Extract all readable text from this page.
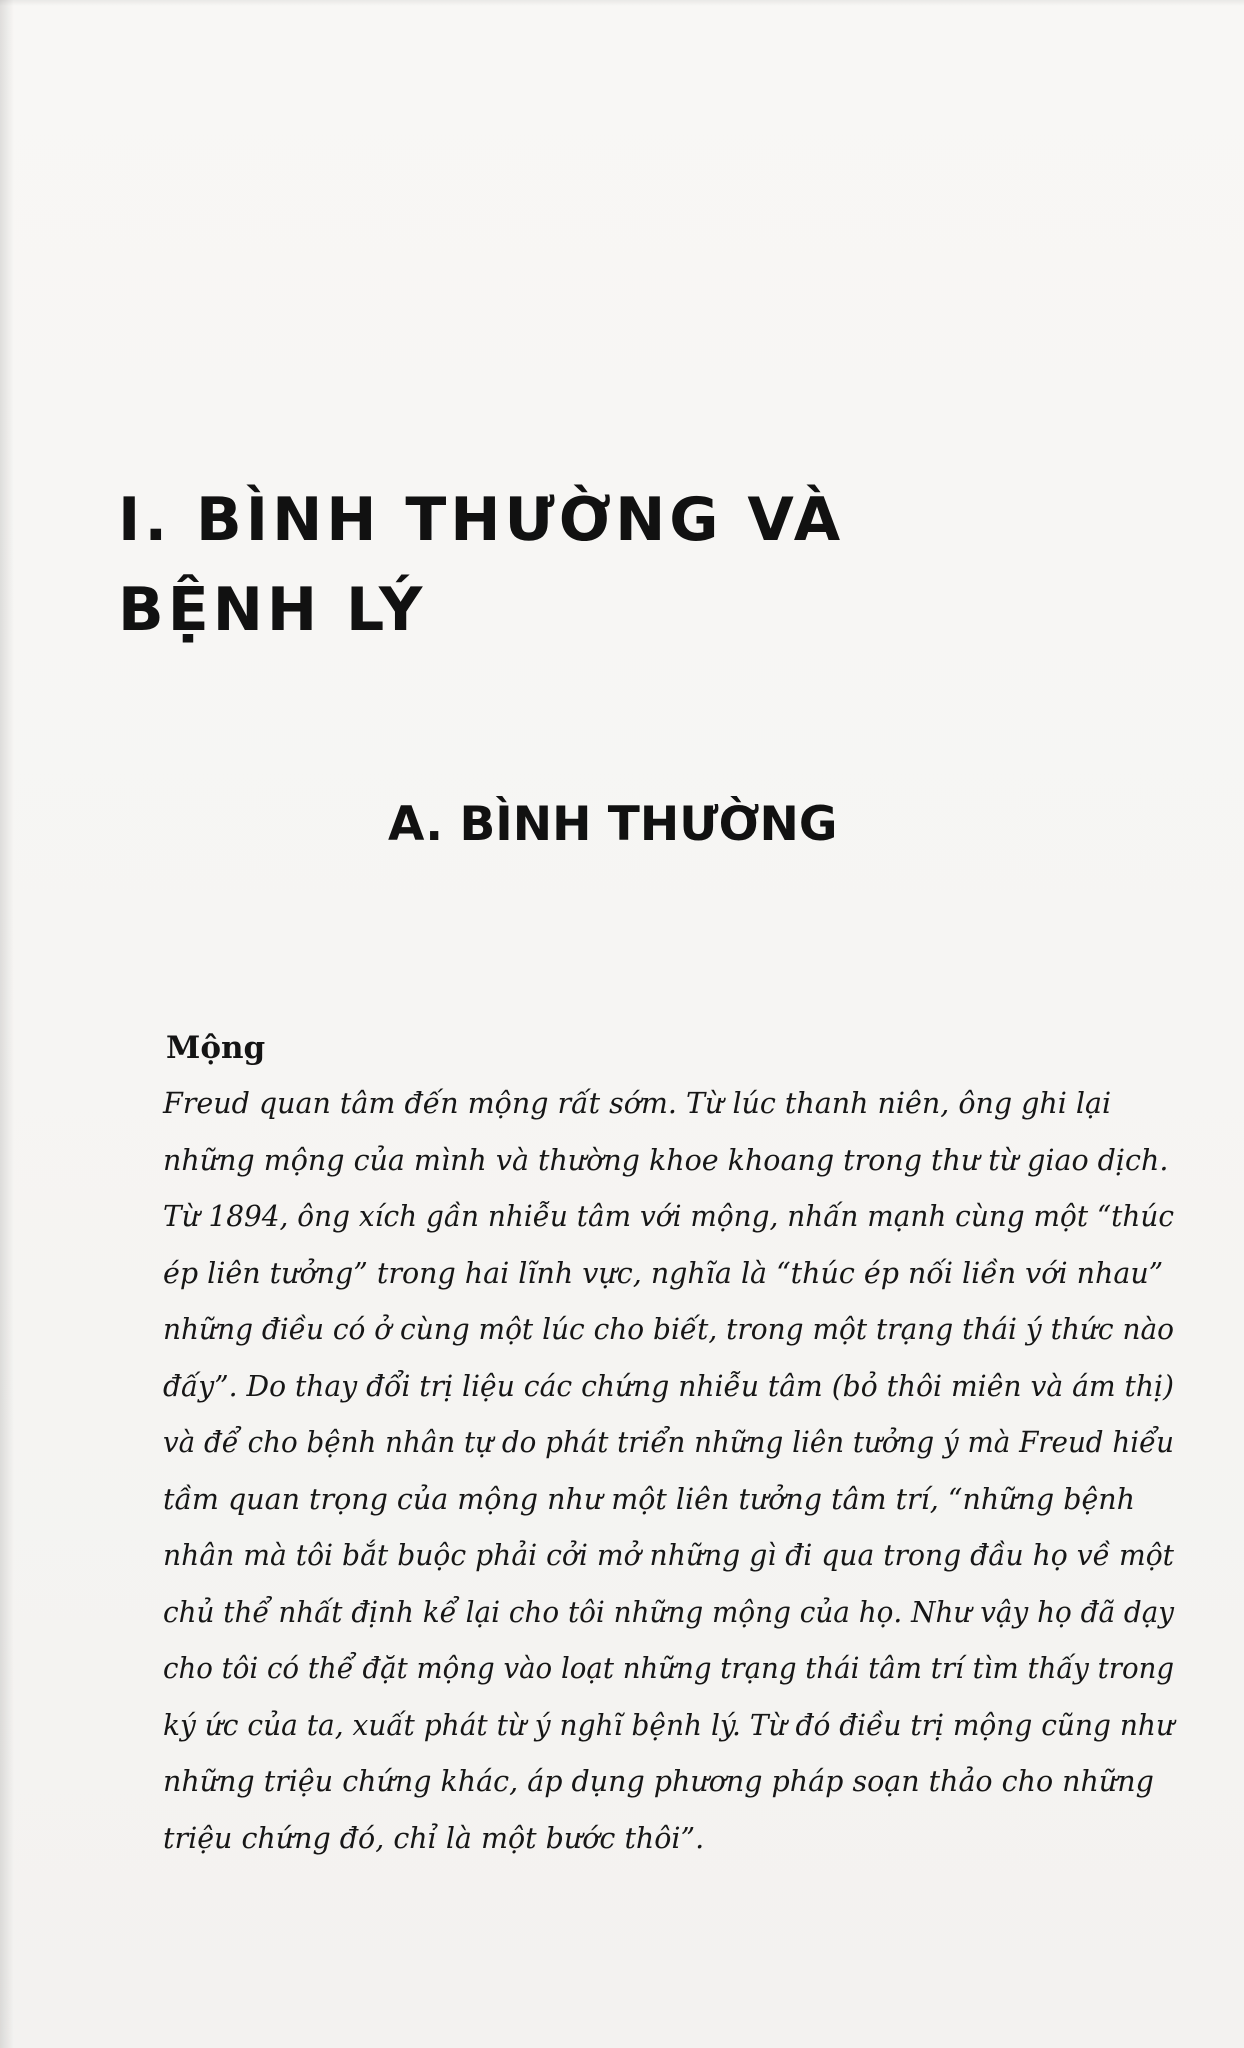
I. BÌNH THƯỜNG VÀ
BỆNH LÝ
A. BÌNH THƯỜNG
Mộng
Freud quan tâm đến mộng rất sớm. Từ lúc thanh niên, ông ghi lại
những mộng của mình và thường khoe khoang trong thư từ giao dịch.
Từ 1894, ông xích gần nhiễu tâm với mộng, nhấn mạnh cùng một “thúc
ép liên tưởng” trong hai lĩnh vực, nghĩa là “thúc ép nối liền với nhau”
những điều có ở cùng một lúc cho biết, trong một trạng thái ý thức nào
đấy”. Do thay đổi trị liệu các chứng nhiễu tâm (bỏ thôi miên và ám thị)
và để cho bệnh nhân tự do phát triển những liên tưởng ý mà Freud hiểu
tầm quan trọng của mộng như một liên tưởng tâm trí, “những bệnh
nhân mà tôi bắt buộc phải cởi mở những gì đi qua trong đầu họ về một
chủ thể nhất định kể lại cho tôi những mộng của họ. Như vậy họ đã dạy
cho tôi có thể đặt mộng vào loạt những trạng thái tâm trí tìm thấy trong
ký ức của ta, xuất phát từ ý nghĩ bệnh lý. Từ đó điều trị mộng cũng như
những triệu chứng khác, áp dụng phương pháp soạn thảo cho những
triệu chứng đó, chỉ là một bước thôi”.
